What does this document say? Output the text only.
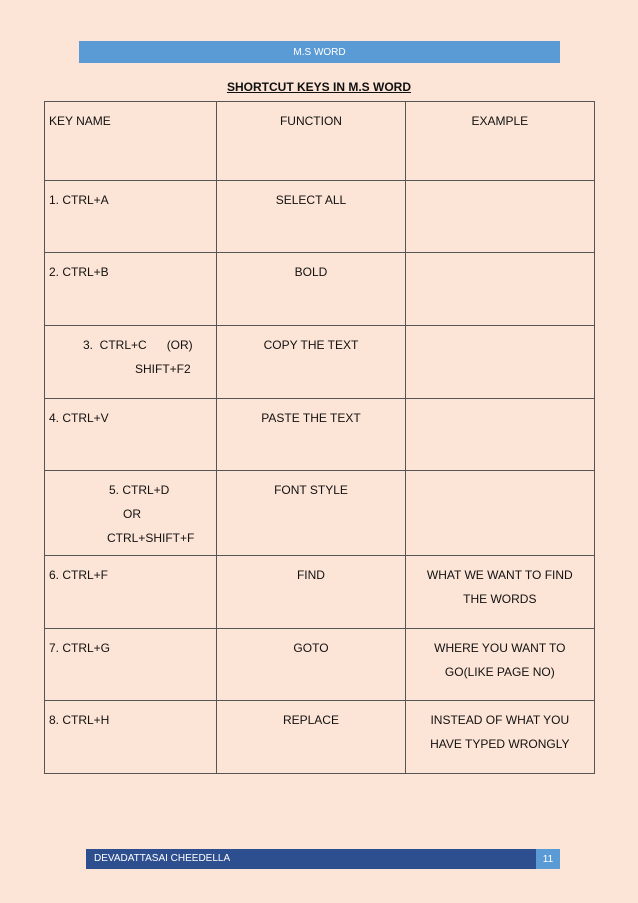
M.S WORD
SHORTCUT KEYS IN M.S WORD
KEY NAME	FUNCTION	EXAMPLE
1. CTRL+A	SELECT ALL	
2. CTRL+B	BOLD	

3.  CTRL+C      (OR)
SHIFT+F2	COPY THE TEXT	
4. CTRL+V	PASTE THE TEXT	

5. CTRL+D
OR
CTRL+SHIFT+F	FONT STYLE	
6. CTRL+F	FIND	WHAT WE WANT TO FIND
THE WORDS

7. CTRL+G	GOTO	WHERE YOU WANT TO
GO(LIKE PAGE NO)

8. CTRL+H	REPLACE	INSTEAD OF WHAT YOU
HAVE TYPED WRONGLY
DEVADATTASAI CHEEDELLA	11
